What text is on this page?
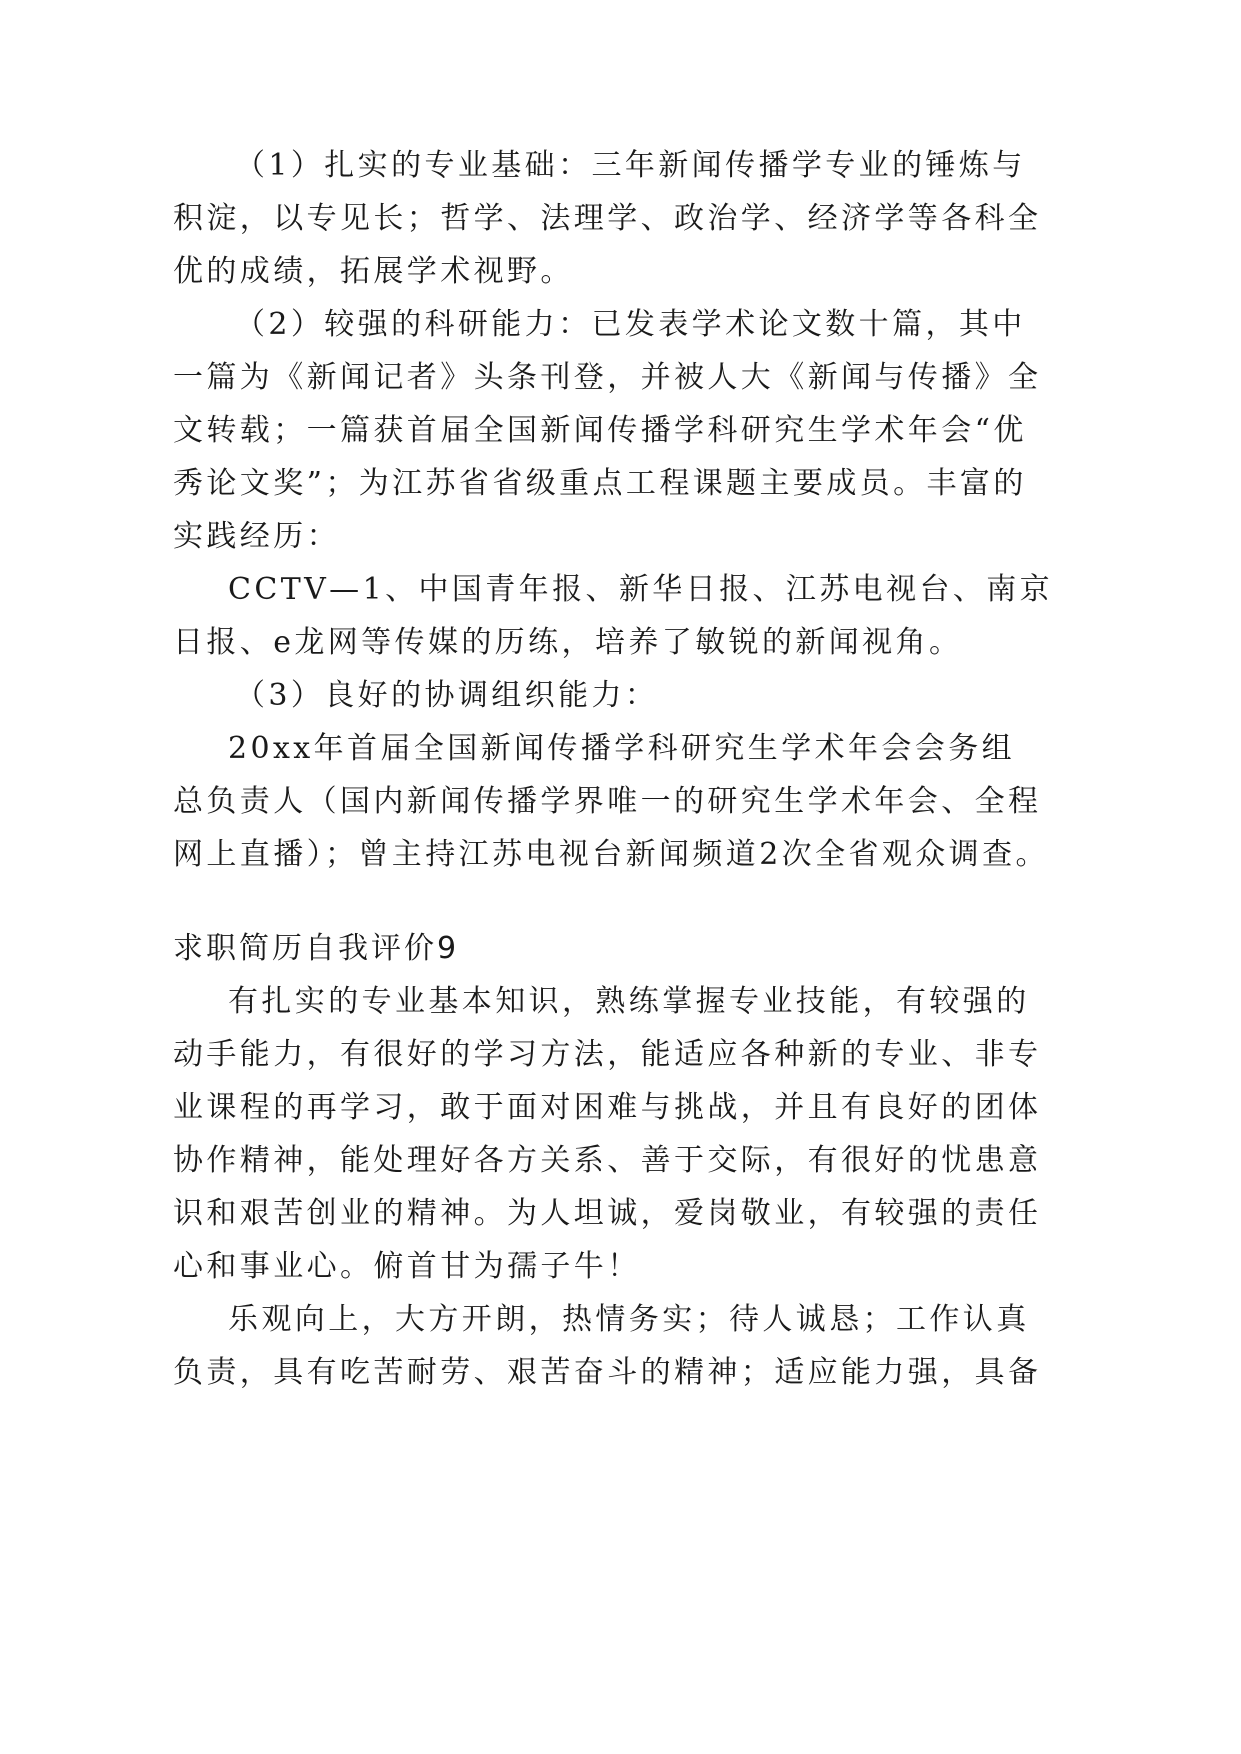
（1）扎实的专业基础：三年新闻传播学专业的锤炼与

积淀，以专见长；哲学、法理学、政治学、经济学等各科全

优的成绩，拓展学术视野。

（2）较强的科研能力：已发表学术论文数十篇，其中

一篇为《新闻记者》头条刊登，并被人大《新闻与传播》全

文转载；一篇获首届全国新闻传播学科研究生学术年会“优

秀论文奖”；为江苏省省级重点工程课题主要成员。丰富的

实践经历：

CCTV—1、中国青年报、新华日报、江苏电视台、南京

日报、e龙网等传媒的历练，培养了敏锐的新闻视角。

（3）良好的协调组织能力：

20xx年首届全国新闻传播学科研究生学术年会会务组

总负责人（国内新闻传播学界唯一的研究生学术年会、全程

网上直播）；曾主持江苏电视台新闻频道2次全省观众调查。

求职简历自我评价9

有扎实的专业基本知识，熟练掌握专业技能，有较强的

动手能力，有很好的学习方法，能适应各种新的专业、非专

业课程的再学习，敢于面对困难与挑战，并且有良好的团体

协作精神，能处理好各方关系、善于交际，有很好的忧患意

识和艰苦创业的精神。为人坦诚，爱岗敬业，有较强的责任

心和事业心。俯首甘为孺子牛！

乐观向上，大方开朗，热情务实；待人诚恳；工作认真

负责，具有吃苦耐劳、艰苦奋斗的精神；适应能力强，具备
